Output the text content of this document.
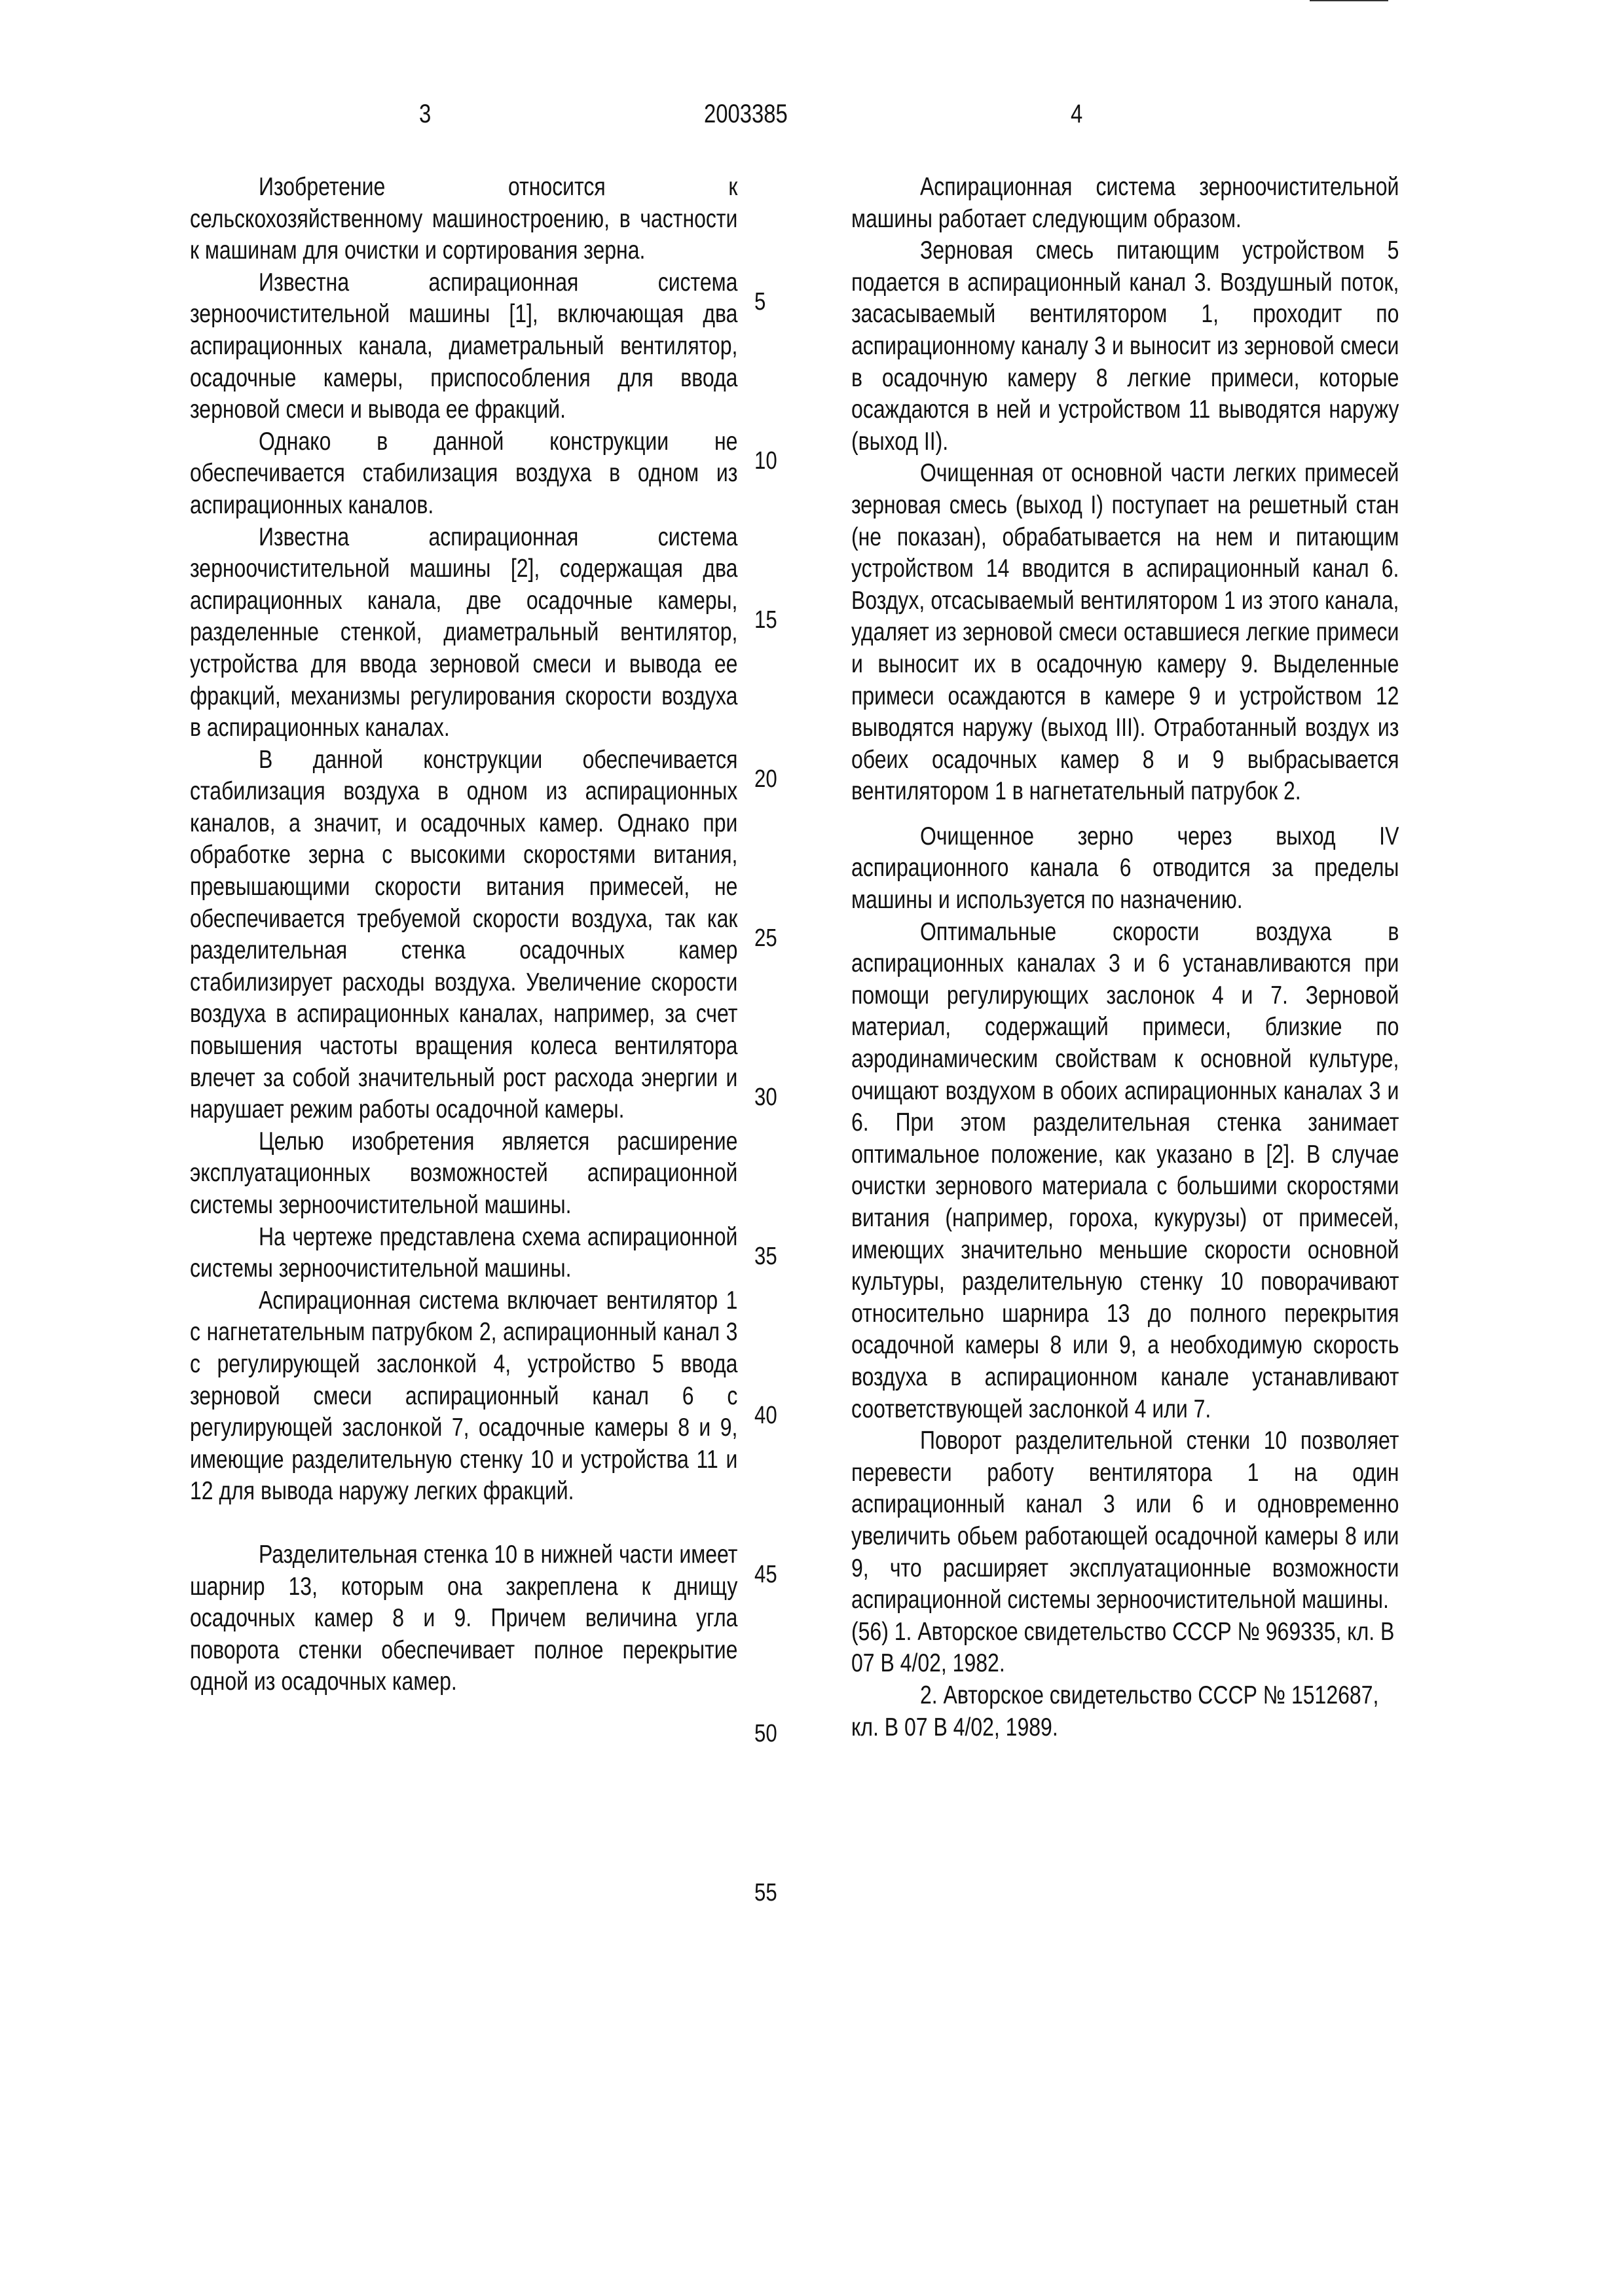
3	2003385	4

Изобретение относится к сельскохозяйственному машиностроению, в частности к машинам для очистки и сортирования зерна.

Известна аспирационная система зерноочистительной машины [1], включающая два аспирационных канала, диаметральный вентилятор, осадочные камеры, приспособления для ввода зерновой смеси и вывода ее фракций.

Однако в данной конструкции не обеспечивается стабилизация воздуха в одном из аспирационных каналов.

Известна аспирационная система зерноочистительной машины [2], содержащая два аспирационных канала, две осадочные камеры, разделенные стенкой, диаметральный вентилятор, устройства для ввода зерновой смеси и вывода ее фракций, механизмы регулирования скорости воздуха в аспирационных каналах.

В данной конструкции обеспечивается стабилизация воздуха в одном из аспирационных каналов, а значит, и осадочных камер. Однако при обработке зерна с высокими скоростями витания, превышающими скорости витания примесей, не обеспечивается требуемой скорости воздуха, так как разделительная стенка осадочных камер стабилизирует расходы воздуха. Увеличение скорости воздуха в аспирационных каналах, например, за счет повышения частоты вращения колеса вентилятора влечет за собой значительный рост расхода энергии и нарушает режим работы осадочной камеры.

Целью изобретения является расширение эксплуатационных возможностей аспирационной системы зерноочистительной машины.

На чертеже представлена схема аспирационной системы зерноочистительной машины.

Аспирационная система включает вентилятор 1 с нагнетательным патрубком 2, аспирационный канал 3 с регулирующей заслонкой 4, устройство 5 ввода зерновой смеси аспирационный канал 6 с регулирующей заслонкой 7, осадочные камеры 8 и 9, имеющие разделительную стенку 10 и устройства 11 и 12 для вывода наружу легких фракций.

Разделительная стенка 10 в нижней части имеет шарнир 13, которым она закреплена к днищу осадочных камер 8 и 9. Причем величина угла поворота стенки обеспечивает полное перекрытие одной из осадочных камер.

Аспирационная система зерноочистительной машины работает следующим образом.

Зерновая смесь питающим устройством 5 подается в аспирационный канал 3. Воздушный поток, засасываемый вентилятором 1, проходит по аспирационному каналу 3 и выносит из зерновой смеси в осадочную камеру 8 легкие примеси, которые осаждаются в ней и устройством 11 выводятся наружу (выход II).

Очищенная от основной части легких примесей зерновая смесь (выход I) поступает на решетный стан (не показан), обрабатывается на нем и питающим устройством 14 вводится в аспирационный канал 6. Воздух, отсасываемый вентилятором 1 из этого канала, удаляет из зерновой смеси оставшиеся легкие примеси и выносит их в осадочную камеру 9. Выделенные примеси осаждаются в камере 9 и устройством 12 выводятся наружу (выход III). Отработанный воздух из обеих осадочных камер 8 и 9 выбрасывается вентилятором 1 в нагнетательный патрубок 2.

Очищенное зерно через выход IV аспирационного канала 6 отводится за пределы машины и используется по назначению.

Оптимальные скорости воздуха в аспирационных каналах 3 и 6 устанавливаются при помощи регулирующих заслонок 4 и 7. Зерновой материал, содержащий примеси, близкие по аэродинамическим свойствам к основной культуре, очищают воздухом в обоих аспирационных каналах 3 и 6. При этом разделительная стенка занимает оптимальное положение, как указано в [2]. В случае очистки зернового материала с большими скоростями витания (например, гороха, кукурузы) от примесей, имеющих значительно меньшие скорости основной культуры, разделительную стенку 10 поворачивают относительно шарнира 13 до полного перекрытия осадочной камеры 8 или 9, а необходимую скорость воздуха в аспирационном канале устанавливают соответствующей заслонкой 4 или 7.

Поворот разделительной стенки 10 позволяет перевести работу вентилятора 1 на один аспирационный канал 3 или 6 и одновременно увеличить обьем работающей осадочной камеры 8 или 9, что расширяет эксплуатационные возможности аспирационной системы зерноочистительной машины.

(56) 1. Авторское свидетельство СССР № 969335, кл. B 07 B 4/02, 1982.

2. Авторское свидетельство СССР № 1512687, кл. B 07 B 4/02, 1989.

5
10
15
20
25
30
35
40
45
50
55
